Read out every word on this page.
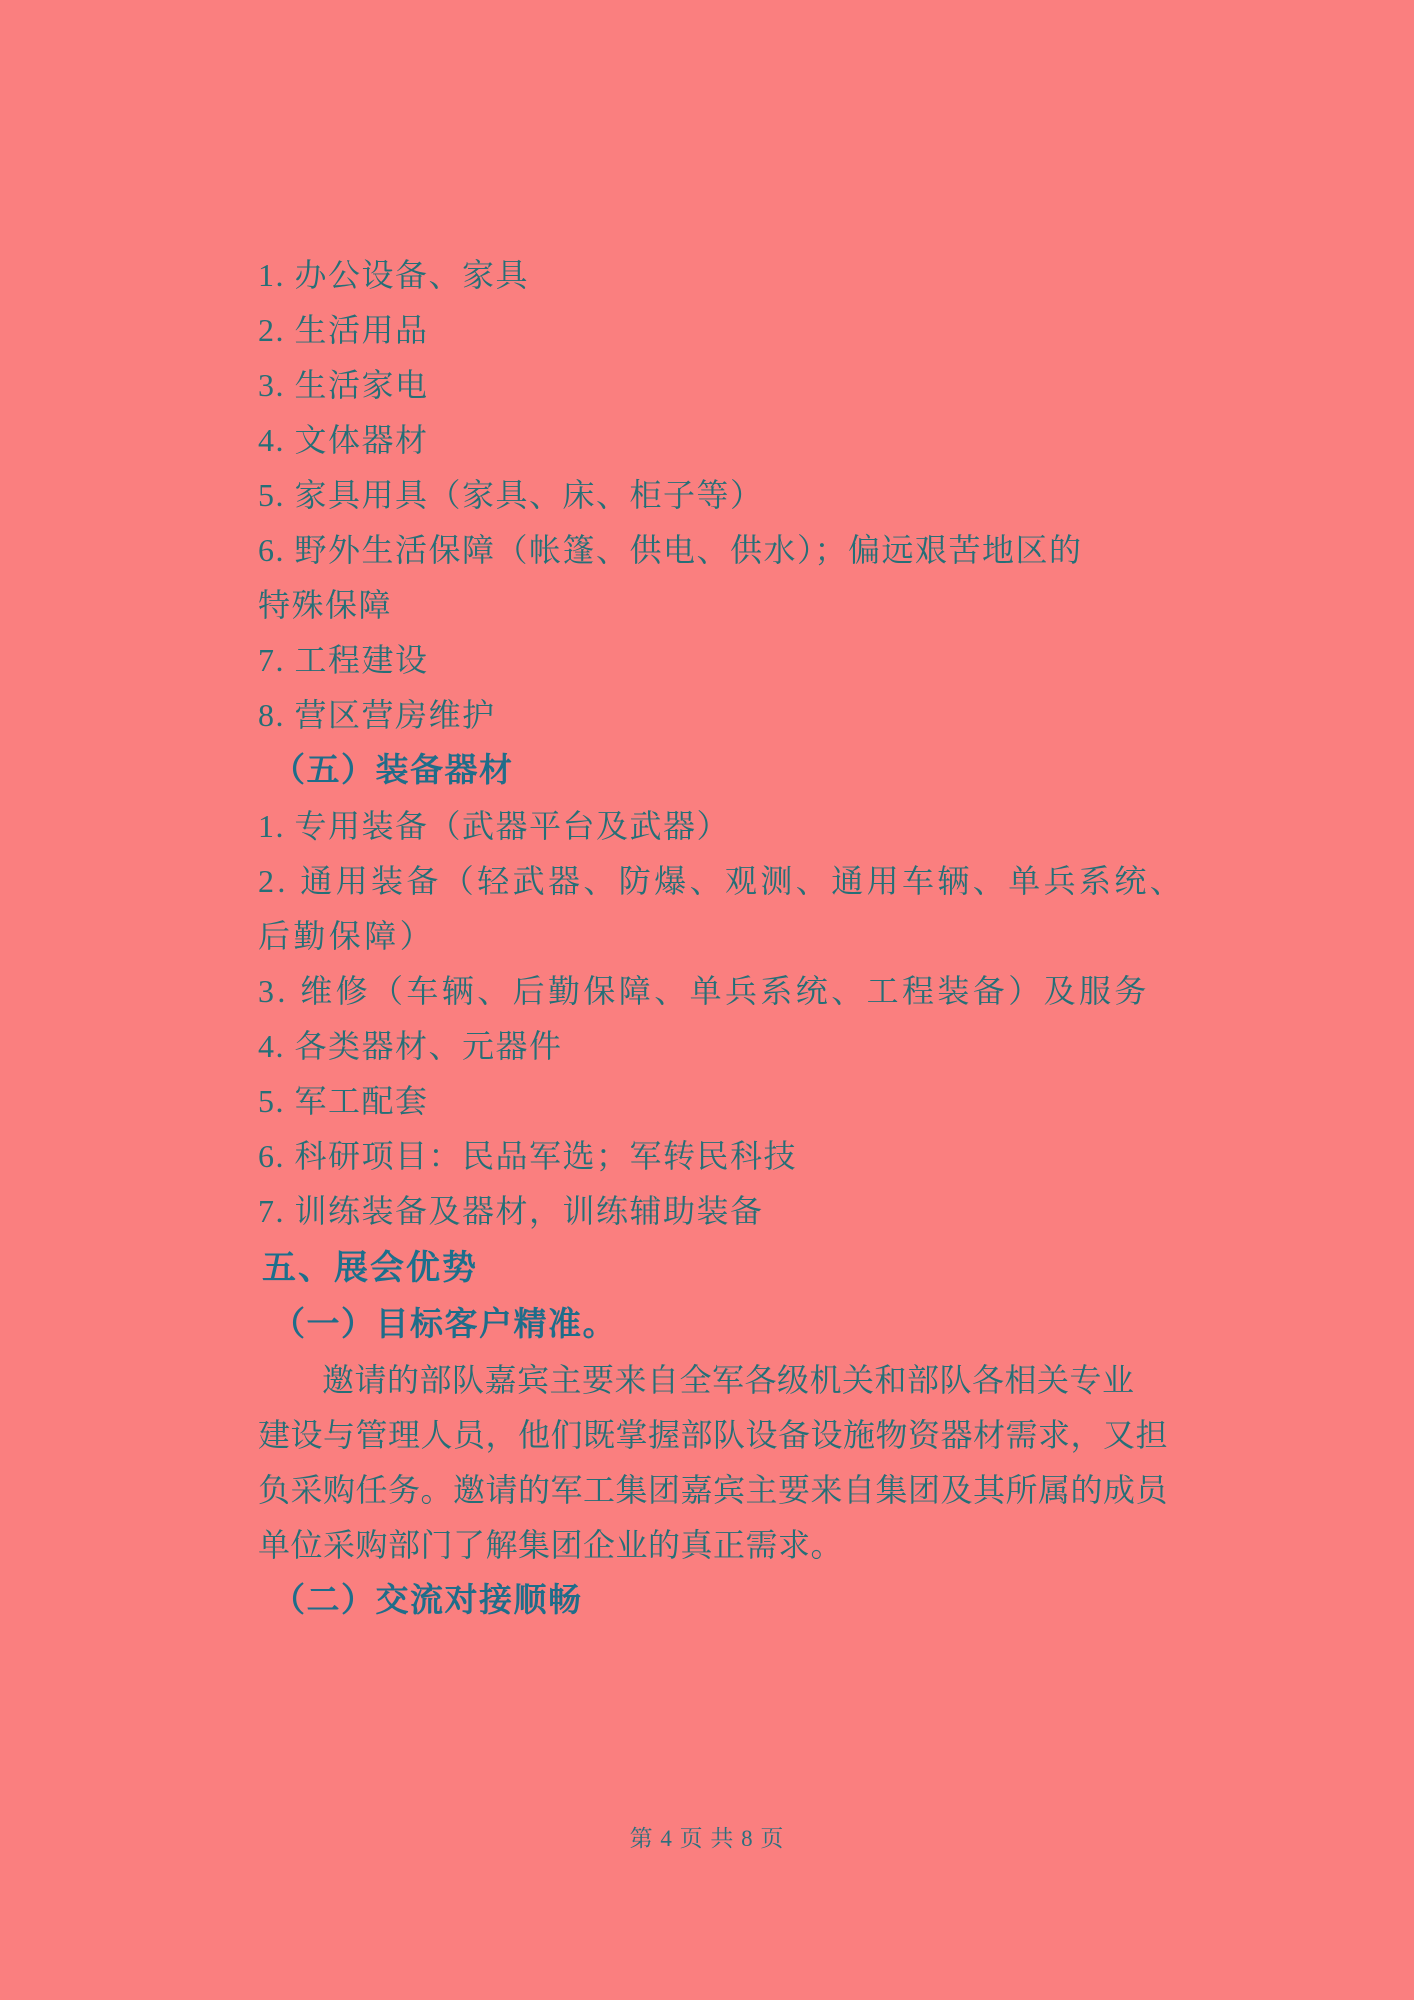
1. 办公设备、家具
2. 生活用品
3. 生活家电
4. 文体器材
5. 家具用具（家具、床、柜子等）
6. 野外生活保障（帐篷、供电、供水）；偏远艰苦地区的
特殊保障
7. 工程建设
8. 营区营房维护
（五）装备器材
1. 专用装备（武器平台及武器）
2. 通用装备（轻武器、防爆、观测、通用车辆、单兵系统、
后勤保障）
3. 维修（车辆、后勤保障、单兵系统、工程装备）及服务
4. 各类器材、元器件
5. 军工配套
6. 科研项目：民品军选；军转民科技
7. 训练装备及器材，训练辅助装备
五、展会优势
（一）目标客户精准。
邀请的部队嘉宾主要来自全军各级机关和部队各相关专业
建设与管理人员，他们既掌握部队设备设施物资器材需求，又担
负采购任务。邀请的军工集团嘉宾主要来自集团及其所属的成员
单位采购部门了解集团企业的真正需求。
（二）交流对接顺畅
第 4 页 共 8 页
